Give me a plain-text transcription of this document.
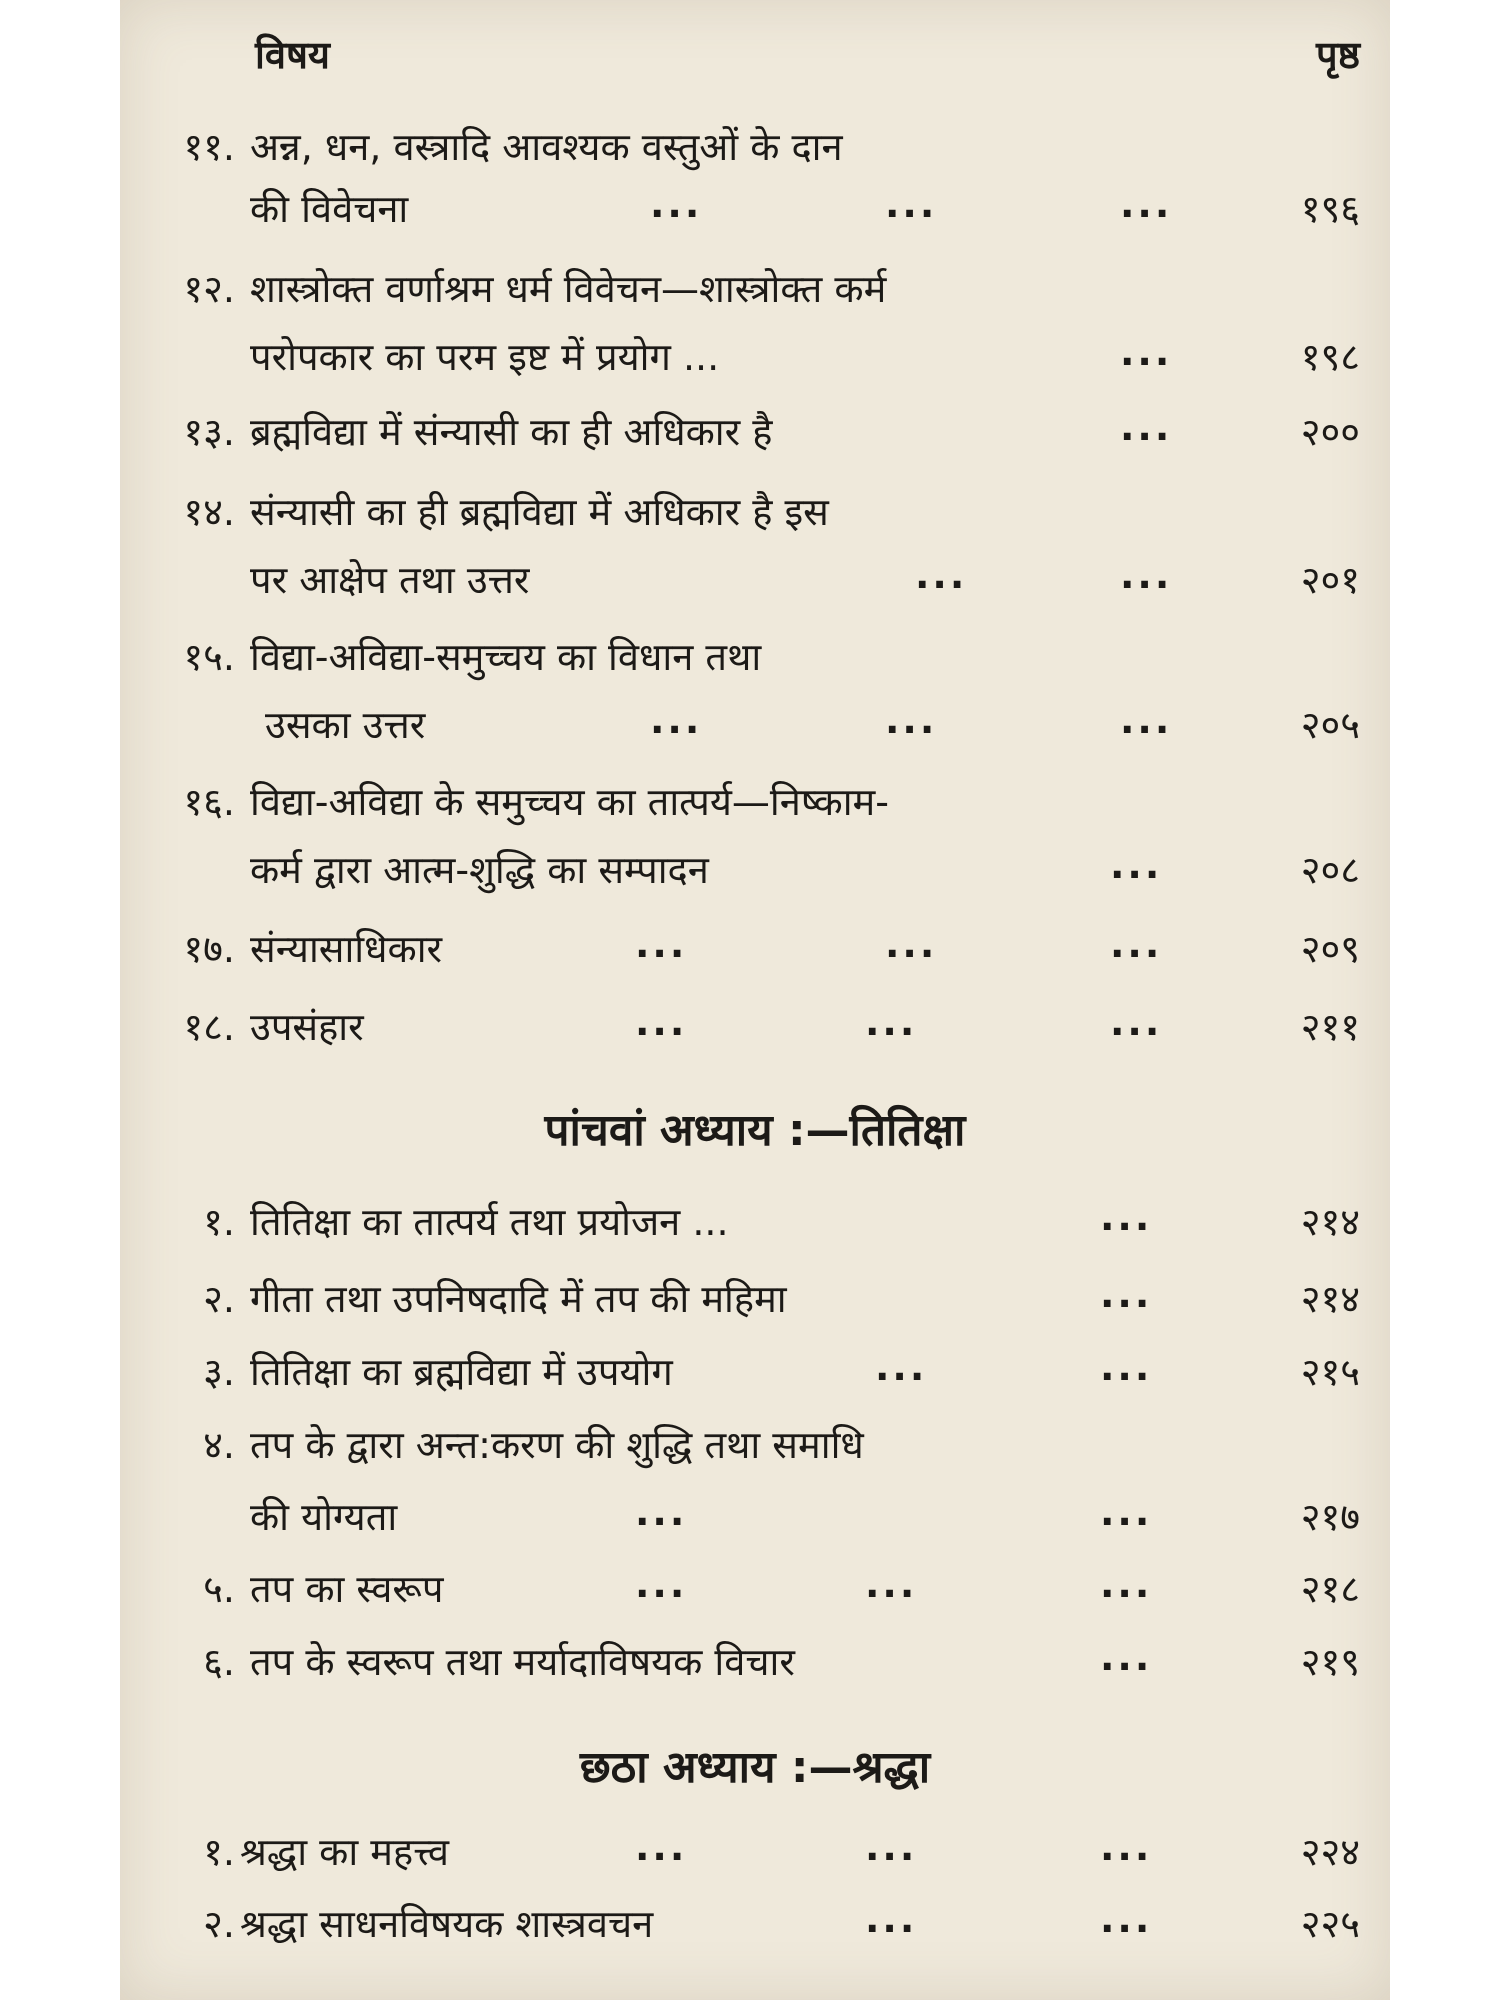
विषय	पृष्ठ
११. अन्न, धन, वस्त्रादि आवश्यक वस्तुओं के दान
की विवेचना	...	...	...	१९६
१२. शास्त्रोक्त वर्णाश्रम धर्म विवेचन—शास्त्रोक्त कर्म
परोपकार का परम इष्ट में प्रयोग ...	...	१९८
१३. ब्रह्मविद्या में संन्यासी का ही अधिकार है	...	२००
१४. संन्यासी का ही ब्रह्मविद्या में अधिकार है इस
पर आक्षेप तथा उत्तर	...	...	२०१
१५. विद्या-अविद्या-समुच्चय का विधान तथा
उसका उत्तर	...	...	...	२०५
१६. विद्या-अविद्या के समुच्चय का तात्पर्य—निष्काम-
कर्म द्वारा आत्म-शुद्धि का सम्पादन	...	२०८
१७. संन्यासाधिकार	...	...	...	२०९
१८. उपसंहार	...	...	...	२११
पांचवां अध्याय :—तितिक्षा
१. तितिक्षा का तात्पर्य तथा प्रयोजन ...	...	२१४
२. गीता तथा उपनिषदादि में तप की महिमा	...	२१४
३. तितिक्षा का ब्रह्मविद्या में उपयोग	...	...	२१५
४. तप के द्वारा अन्त:करण की शुद्धि तथा समाधि
की योग्यता	...	...	२१७
५. तप का स्वरूप	...	...	...	२१८
६. तप के स्वरूप तथा मर्यादाविषयक विचार	...	२१९
छठा अध्याय :—श्रद्धा
१. श्रद्धा का महत्त्व	...	...	...	२२४
२. श्रद्धा साधनविषयक शास्त्रवचन	...	...	२२५
